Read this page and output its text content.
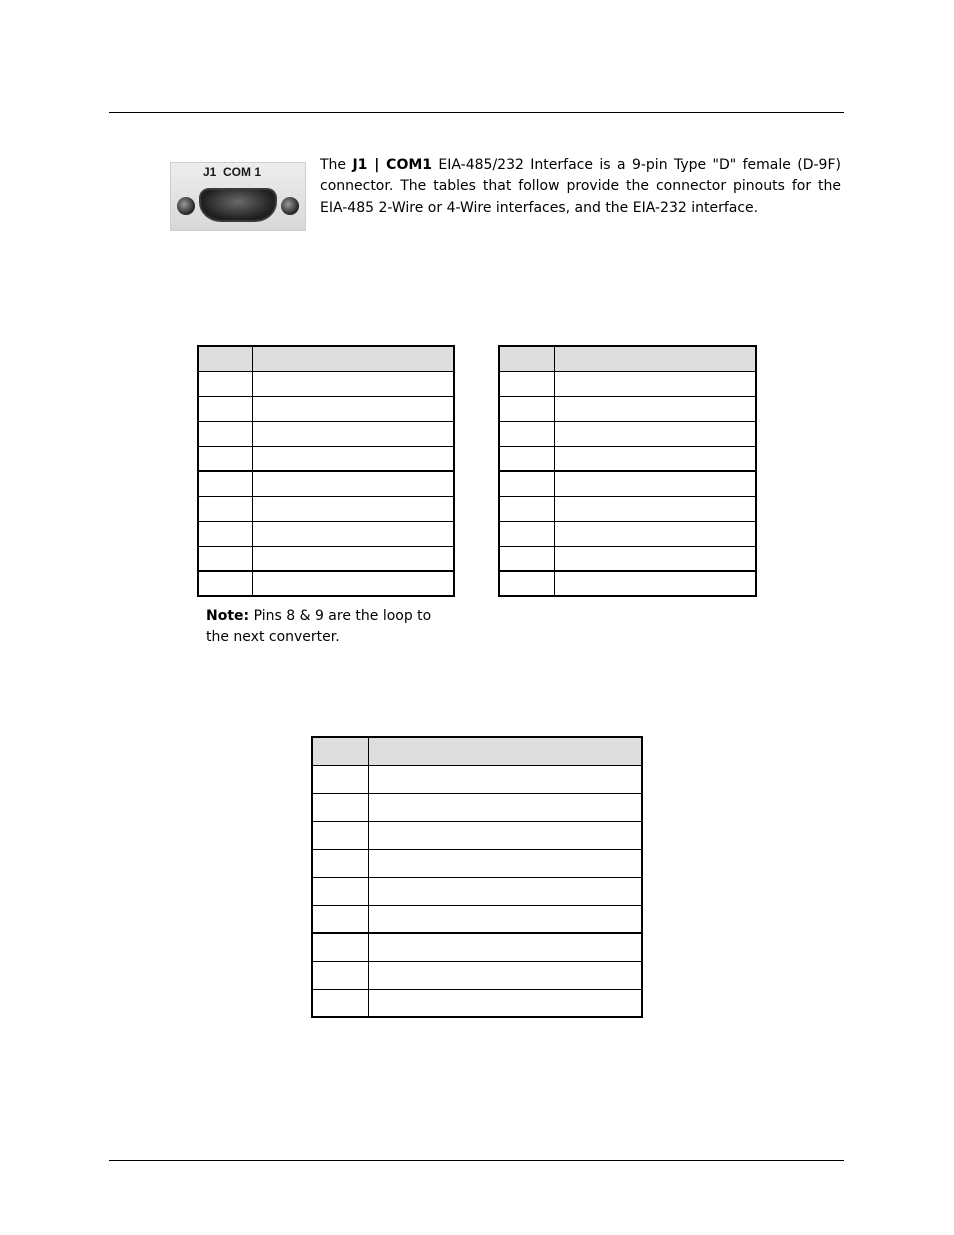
J1  COM 1	The J1 | COM1 EIA-485/232 Interface is a 9-pin Type "D" female (D-9F) connector. The tables that follow provide the connector pinouts for the EIA-485 2-Wire or 4-Wire interfaces, and the EIA-232 interface.

Note: Pins 8 & 9 are the loop to the next converter.
